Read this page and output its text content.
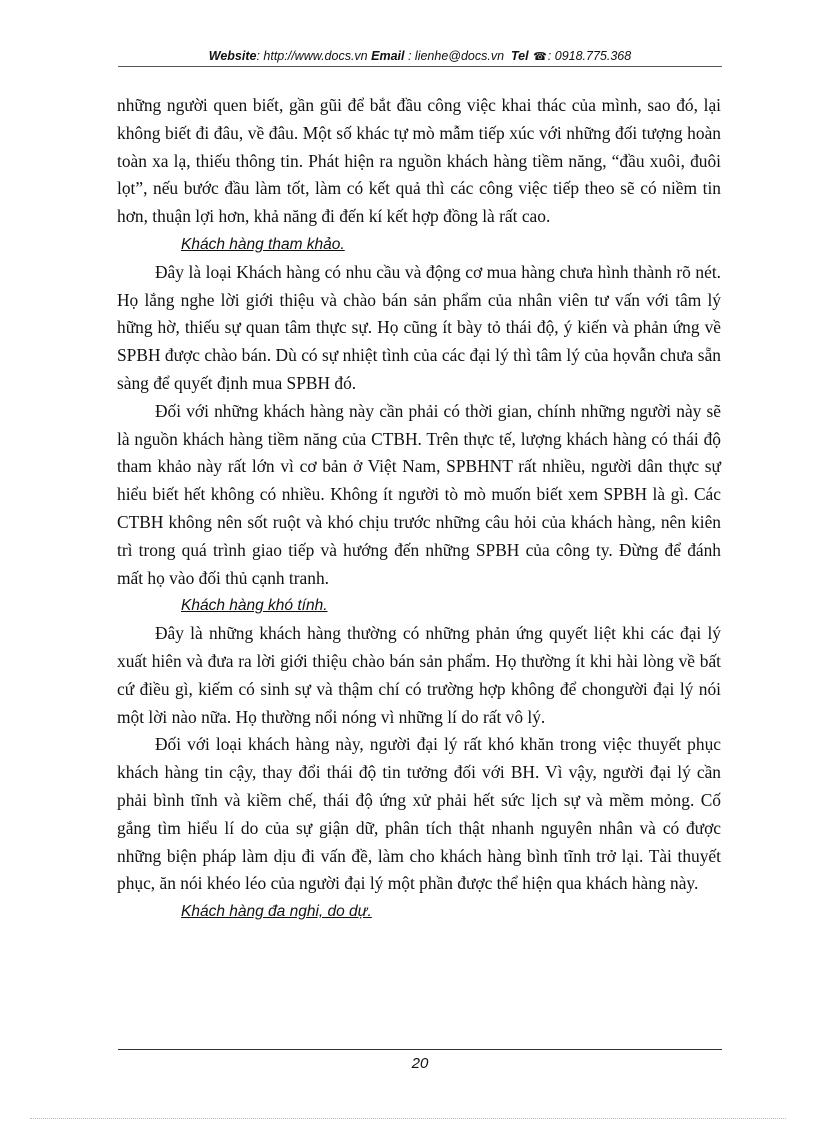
Website: http://www.docs.vn Email : lienhe@docs.vn Tel ☎: 0918.775.368

những người quen biết, gần gũi để bắt đầu công việc khai thác của mình, sao đó, lại không biết đi đâu, về đâu. Một số khác tự mò mẫm tiếp xúc với những đối tượng hoàn toàn xa lạ, thiếu thông tin. Phát hiện ra nguồn khách hàng tiềm năng, “đầu xuôi, đuôi lọt”, nếu bước đầu làm tốt, làm có kết quả thì các công việc tiếp theo sẽ có niềm tin hơn, thuận lợi hơn, khả năng đi đến kí kết hợp đồng là rất cao.

Khách hàng tham khảo.

Đây là loại Khách hàng có nhu cầu và động cơ mua hàng chưa hình thành rõ nét. Họ lắng nghe lời giới thiệu và chào bán sản phẩm của nhân viên tư vấn với tâm lý hững hờ, thiếu sự quan tâm thực sự. Họ cũng ít bày tỏ thái độ, ý kiến và phản ứng về SPBH được chào bán. Dù có sự nhiệt tình của các đại lý thì tâm lý của họvẫn chưa sẵn sàng để quyết định mua SPBH đó.

Đối với những khách hàng này cần phải có thời gian, chính những người này sẽ là nguồn khách hàng tiềm năng của CTBH. Trên thực tế, lượng khách hàng có thái độ tham khảo này rất lớn vì cơ bản ở Việt Nam, SPBHNT rất nhiều, người dân thực sự hiểu biết hết không có nhiều. Không ít người tò mò muốn biết xem SPBH là gì. Các CTBH không nên sốt ruột và khó chịu trước những câu hỏi của khách hàng, nên kiên trì trong quá trình giao tiếp và hướng đến những SPBH của công ty. Đừng để đánh mất họ vào đối thủ cạnh tranh.

Khách hàng khó tính.

Đây là những khách hàng thường có những phản ứng quyết liệt khi các đại lý xuất hiên và đưa ra lời giới thiệu chào bán sản phẩm. Họ thường ít khi hài lòng về bất cứ điều gì, kiếm có sinh sự và thậm chí có trường hợp không để chongười đại lý nói một lời nào nữa. Họ thường nổi nóng vì những lí do rất vô lý.

Đối với loại khách hàng này, người đại lý rất khó khăn trong việc thuyết phục khách hàng tin cậy, thay đổi thái độ tin tưởng đối với BH. Vì vậy, người đại lý cần phải bình tĩnh và kiềm chế, thái độ ứng xử phải hết sức lịch sự và mềm mỏng. Cố gắng tìm hiểu lí do của sự giận dữ, phân tích thật nhanh nguyên nhân và có được những biện pháp làm dịu đi vấn đề, làm cho khách hàng bình tĩnh trở lại. Tài thuyết phục, ăn nói khéo léo của người đại lý một phần được thể hiện qua khách hàng này.

Khách hàng đa nghi, do dự.

20
